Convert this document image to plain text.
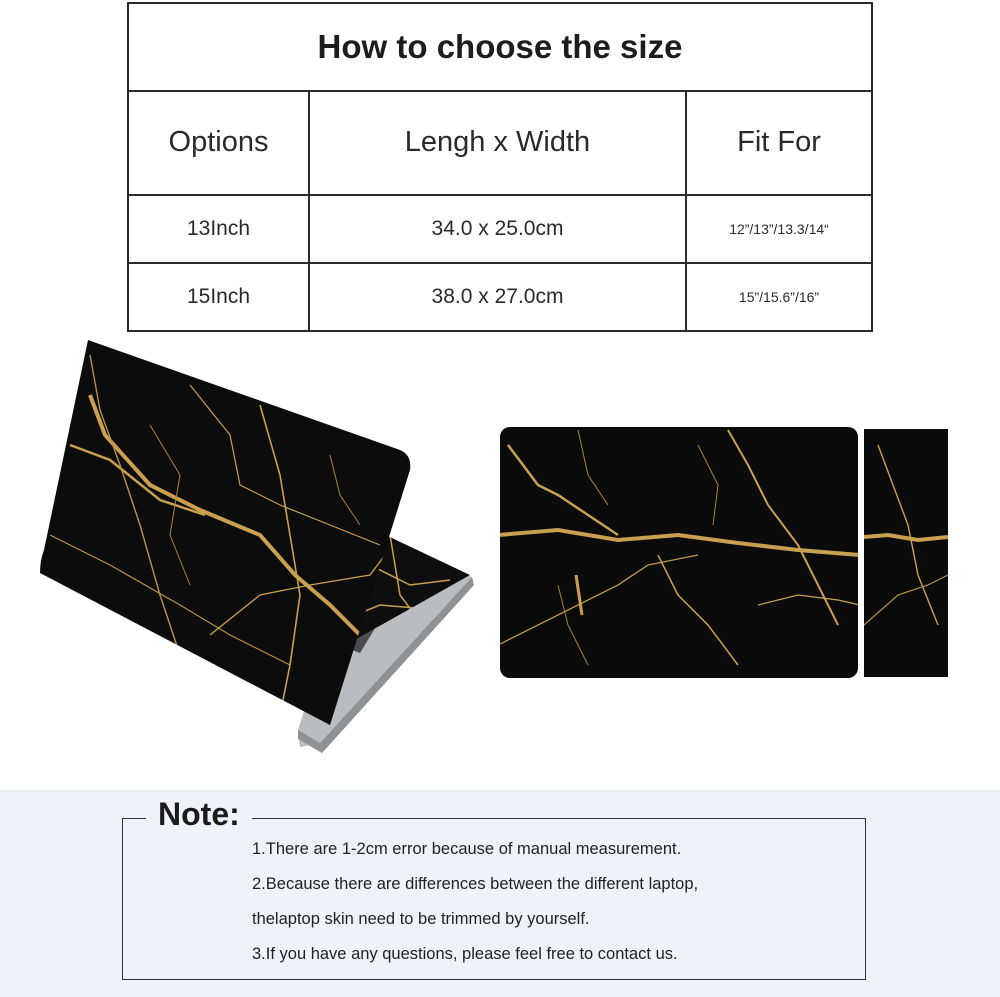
How to choose the size		
Options	Lengh x Width	Fit For
13Inch	34.0 x 25.0cm	12”/13”/13.3/14“
15Inch	38.0 x 27.0cm	15”/15.6”/16”
Note:
1.There are 1-2cm error because of manual measurement.
2.Because there are differences between the different laptop,
thelaptop skin need to be trimmed by yourself.
3.If you have any questions, please feel free to contact us.
